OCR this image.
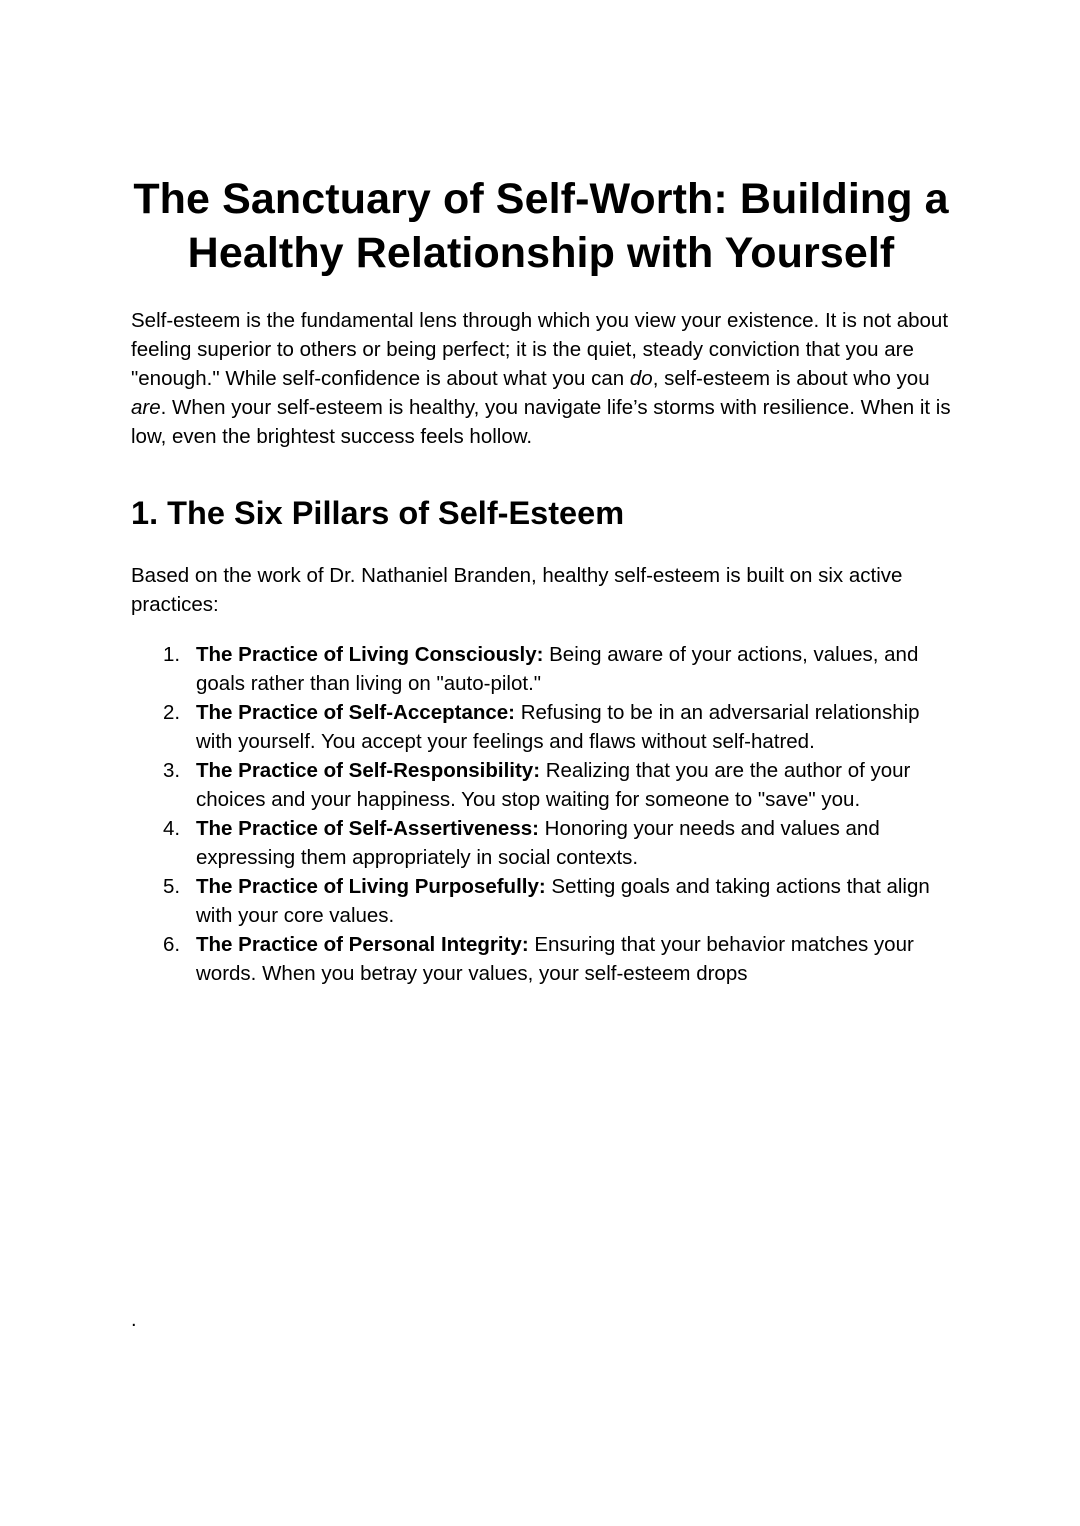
The Sanctuary of Self-Worth: Building a Healthy Relationship with Yourself

Self-esteem is the fundamental lens through which you view your existence. It is not about feeling superior to others or being perfect; it is the quiet, steady conviction that you are "enough." While self-confidence is about what you can do, self-esteem is about who you are. When your self-esteem is healthy, you navigate life’s storms with resilience. When it is low, even the brightest success feels hollow.

1. The Six Pillars of Self-Esteem

Based on the work of Dr. Nathaniel Branden, healthy self-esteem is built on six active practices:

1. The Practice of Living Consciously: Being aware of your actions, values, and goals rather than living on "auto-pilot."
2. The Practice of Self-Acceptance: Refusing to be in an adversarial relationship with yourself. You accept your feelings and flaws without self-hatred.
3. The Practice of Self-Responsibility: Realizing that you are the author of your choices and your happiness. You stop waiting for someone to "save" you.
4. The Practice of Self-Assertiveness: Honoring your needs and values and expressing them appropriately in social contexts.
5. The Practice of Living Purposefully: Setting goals and taking actions that align with your core values.
6. The Practice of Personal Integrity: Ensuring that your behavior matches your words. When you betray your values, your self-esteem drops
.
